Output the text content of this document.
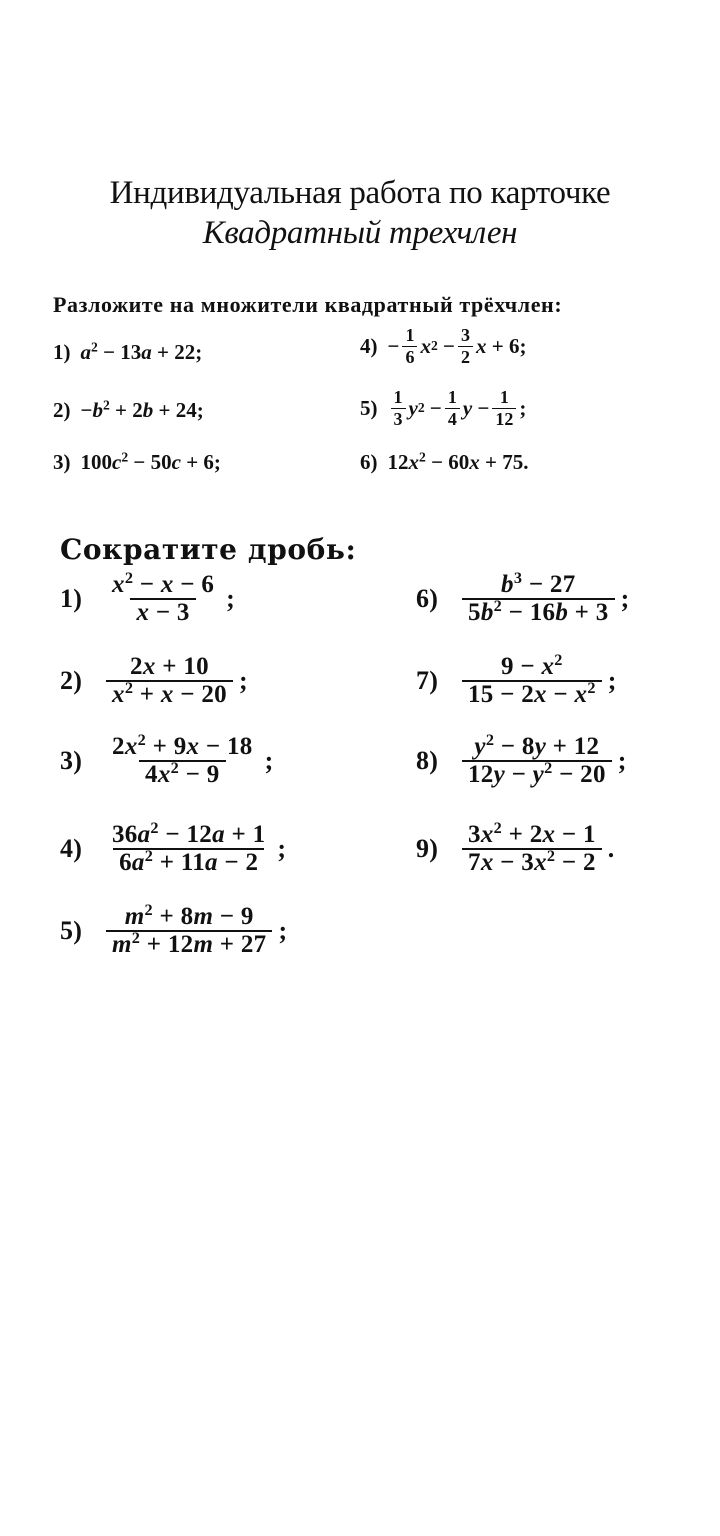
Индивидуальная работа по карточке
Квадратный трехчлен
Разложите на множители квадратный трёхчлен:
1) $a^2 - 13a + 22$;
$2) -b^2 + 2b + 24$;
3) $100c^2 - 50c + 6$;
$4) - \frac{1}{6}$ x $2 - \frac{3}{2}$ x + 6;
$5) \frac{1}{3}$ y $2 - \frac{1}{4}$ $y - \frac{1}{12}$ ;
6) $12x^2 - 60x + 75$.
Сократите дробь:
$1) \frac{x^2 - x - 6}{x - 3}$ ;
$2) \frac{2x + 10}{x^2 + x - 20}$ ;
$3) \frac{2x^2 + 9x - 18}{4x^2 - 9}$ ;
$4) \frac{36a^2 - 12a + 1}{6a^2 + 11a - 2}$ ;
$5) \frac{m^2 + 8m - 9}{m^2 + 12m + 27}$ ;
$6) \frac{b^3 - 27}{5b^2 - 16b + 3}$ ;
$7) \frac{9 - x^2}{15 - 2x - x^2}$ ;
$8) \frac{y^2 - 8y + 12}{12y - y^2 - 20}$ ;
$9) \frac{3x^2 + 2x - 1}{7x - 3x^2 - 2}$ .
